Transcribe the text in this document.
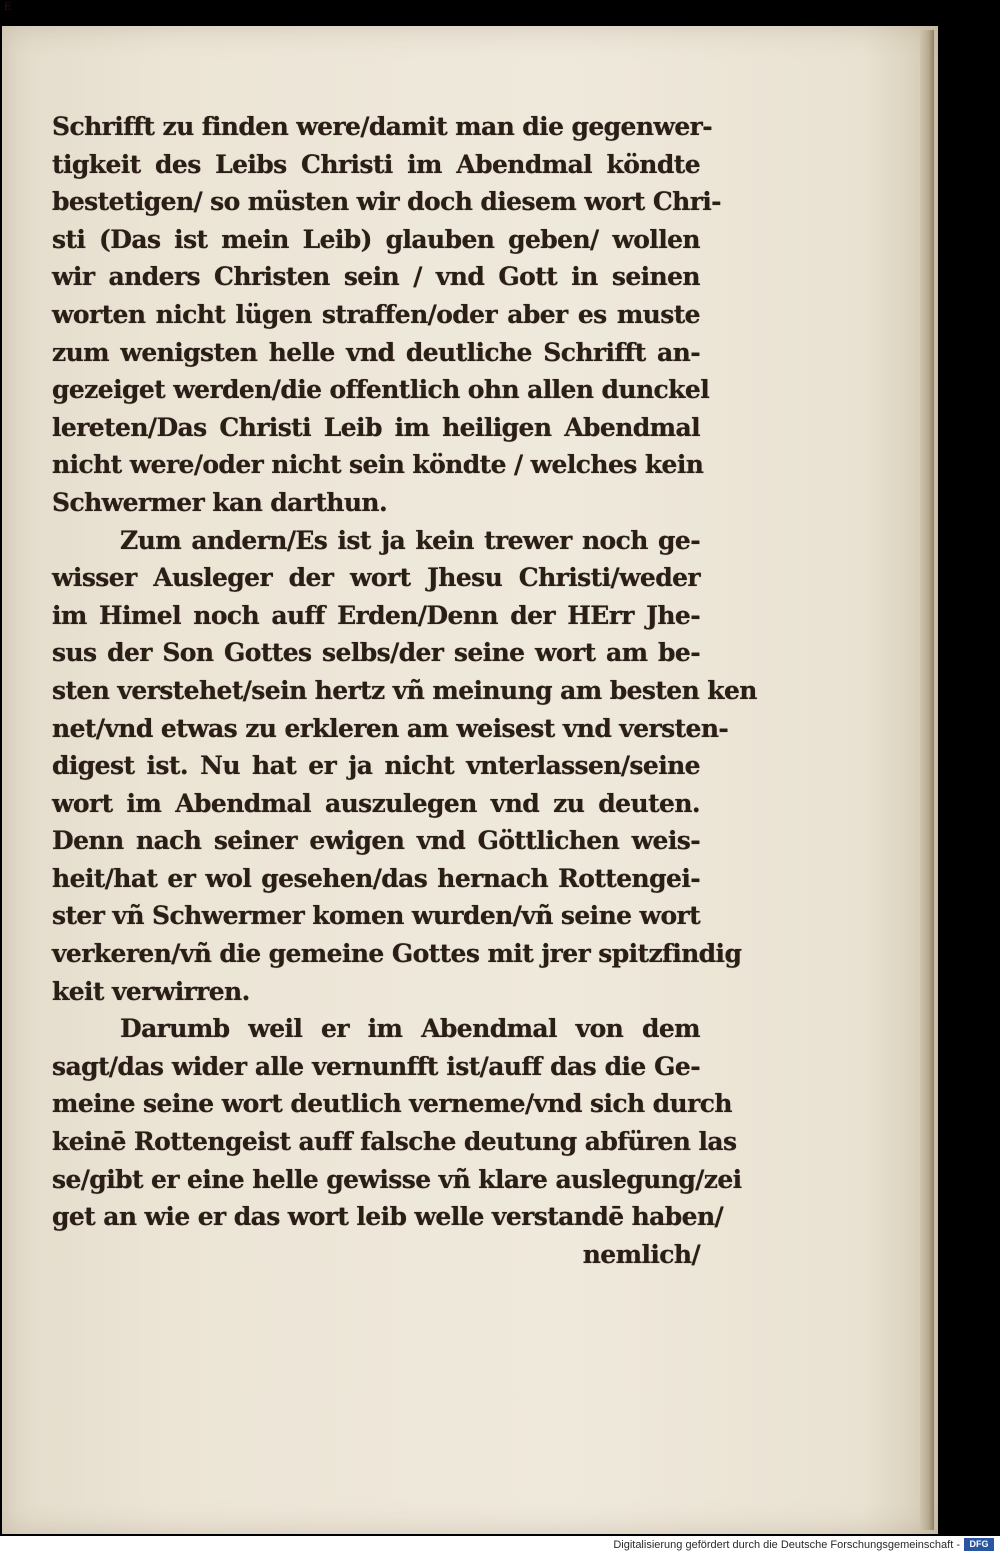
E
Schrifft zu finden were/damit man die gegenwer-
tigkeit des Leibs Christi im Abendmal köndte
bestetigen/ so müsten wir doch diesem wort Chri-
sti (Das ist mein Leib) glauben geben/ wollen
wir anders Christen sein / vnd Gott in seinen
worten nicht lügen straffen/oder aber es muste
zum wenigsten helle vnd deutliche Schrifft an-
gezeiget werden/die offentlich ohn allen dunckel
lereten/Das Christi Leib im heiligen Abendmal
nicht were/oder nicht sein köndte / welches kein
Schwermer kan darthun.
Zum andern/Es ist ja kein trewer noch ge-
wisser Ausleger der wort Jhesu Christi/weder
im Himel noch auff Erden/Denn der HErr Jhe-
sus der Son Gottes selbs/der seine wort am be-
sten verstehet/sein hertz vñ meinung am besten ken
net/vnd etwas zu erkleren am weisest vnd versten-
digest ist. Nu hat er ja nicht vnterlassen/seine
wort im Abendmal auszulegen vnd zu deuten.
Denn nach seiner ewigen vnd Göttlichen weis-
heit/hat er wol gesehen/das hernach Rottengei-
ster vñ Schwermer komen wurden/vñ seine wort
verkeren/vñ die gemeine Gottes mit jrer spitzfindig
keit verwirren.
Darumb weil er im Abendmal von dem
sagt/das wider alle vernunfft ist/auff das die Ge-
meine seine wort deutlich verneme/vnd sich durch
keinē Rottengeist auff falsche deutung abfüren las
se/gibt er eine helle gewisse vñ klare auslegung/zei
get an wie er das wort leib welle verstandē haben/
nemlich/
Digitalisierung gefördert durch die Deutsche Forschungsgemeinschaft -	DFG
